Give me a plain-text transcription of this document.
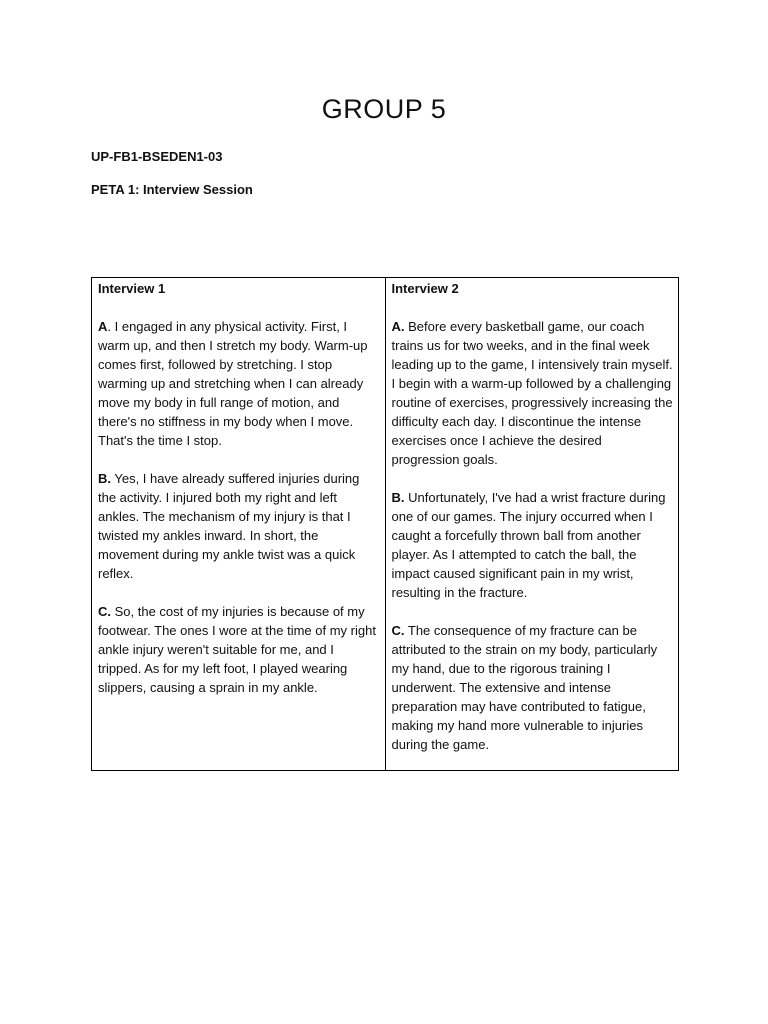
GROUP 5

UP-FB1-BSEDEN1-03

PETA 1: Interview Session

Interview 1

A. I engaged in any physical activity. First, I warm up, and then I stretch my body. Warm-up comes first, followed by stretching. I stop warming up and stretching when I can already move my body in full range of motion, and there's no stiffness in my body when I move. That's the time I stop.

B. Yes, I have already suffered injuries during the activity. I injured both my right and left ankles. The mechanism of my injury is that I twisted my ankles inward. In short, the movement during my ankle twist was a quick reflex.

C. So, the cost of my injuries is because of my footwear. The ones I wore at the time of my right ankle injury weren't suitable for me, and I tripped. As for my left foot, I played wearing slippers, causing a sprain in my ankle.

Interview 2

A. Before every basketball game, our coach trains us for two weeks, and in the final week leading up to the game, I intensively train myself. I begin with a warm-up followed by a challenging routine of exercises, progressively increasing the difficulty each day. I discontinue the intense exercises once I achieve the desired progression goals.

B. Unfortunately, I've had a wrist fracture during one of our games. The injury occurred when I caught a forcefully thrown ball from another player. As I attempted to catch the ball, the impact caused significant pain in my wrist, resulting in the fracture.

C. The consequence of my fracture can be attributed to the strain on my body, particularly my hand, due to the rigorous training I underwent. The extensive and intense preparation may have contributed to fatigue, making my hand more vulnerable to injuries during the game.
